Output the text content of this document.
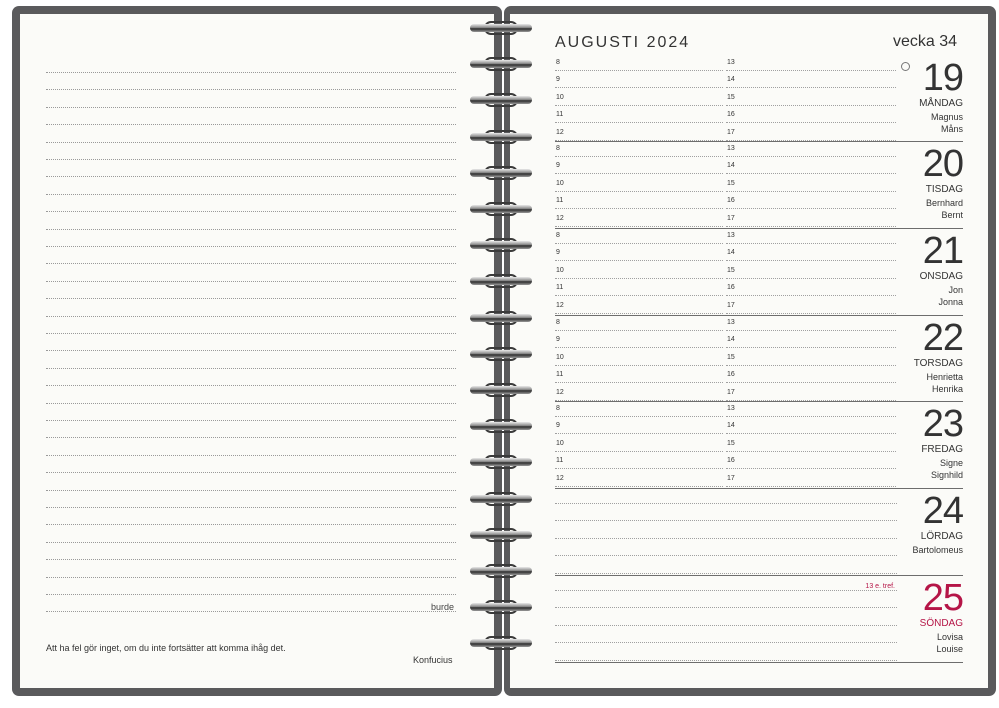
burde
Att ha fel gör inget, om du inte fortsätter att komma ihåg det.
Konfucius
AUGUSTI 2024	vecka 34
8	13
9	14
10	15
11	16
12	17
19
MÅNDAG
Magnus
Måns
8	13
9	14
10	15
11	16
12	17
20
TISDAG
Bernhard
Bernt
8	13
9	14
10	15
11	16
12	17
21
ONSDAG
Jon
Jonna
8	13
9	14
10	15
11	16
12	17
22
TORSDAG
Henrietta
Henrika
8	13
9	14
10	15
11	16
12	17
23
FREDAG
Signe
Signhild
24
LÖRDAG
Bartolomeus
25
SÖNDAG
Lovisa
Louise
13 e. tref.
